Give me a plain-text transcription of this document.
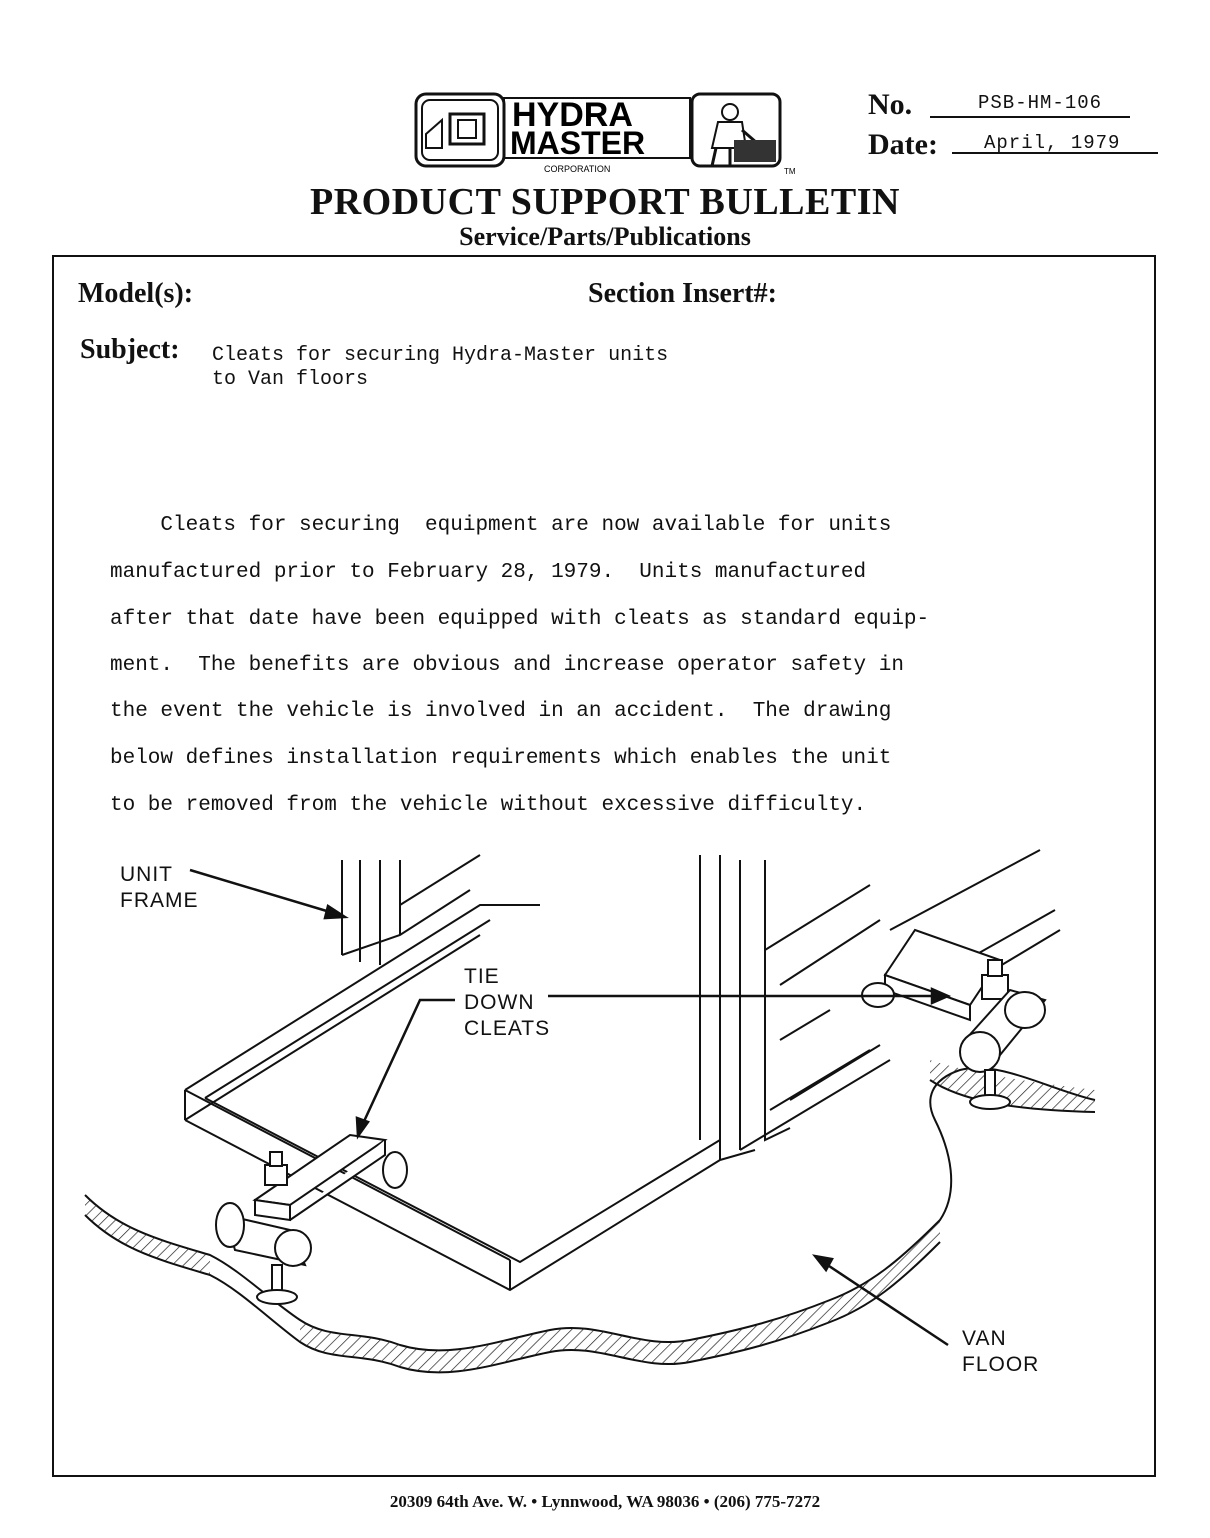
HYDRA
MASTER
CORPORATION	TM
No.	PSB-HM-106
Date: April, 1979
PRODUCT SUPPORT BULLETIN
Service/Parts/Publications
Model(s):	Section Insert#:
Subject: Cleats for securing Hydra-Master units
to Van floors
Cleats for securing  equipment are now available for units
manufactured prior to February 28, 1979.  Units manufactured
after that date have been equipped with cleats as standard equip-
ment.  The benefits are obvious and increase operator safety in
the event the vehicle is involved in an accident.  The drawing
below defines installation requirements which enables the unit
to be removed from the vehicle without excessive difficulty.
UNIT
FRAME
TIE
DOWN
CLEATS
VAN
FLOOR
20309 64th Ave. W. • Lynnwood, WA 98036 • (206) 775-7272
